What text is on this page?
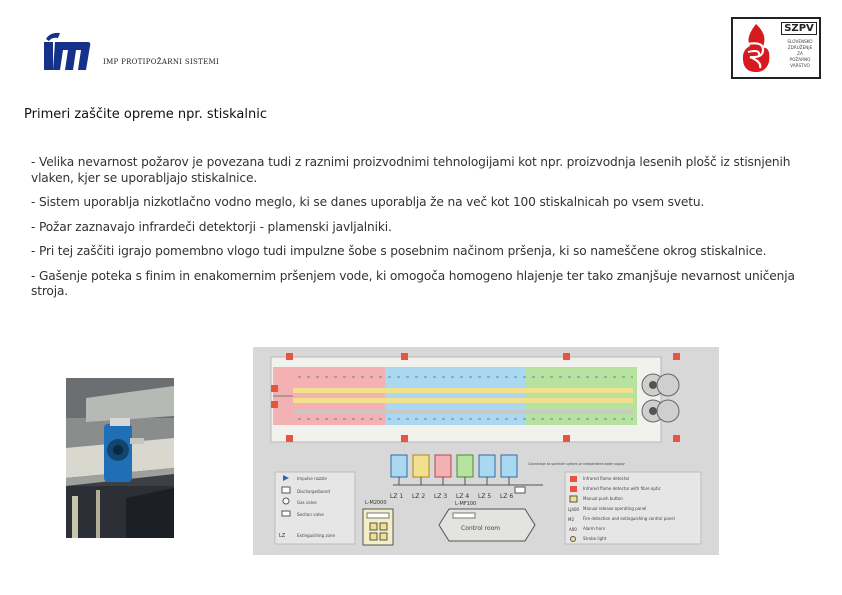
IMP PROTIPOŽARNI SISTEMI
SZPV
SLOVENSKO
ZDRUŽENJE
ZA
POŽARNO
VARSTVO
Primeri zaščite opreme npr. stiskalnic

- Velika nevarnost požarov je povezana tudi z raznimi proizvodnimi tehnologijami kot npr. proizvodnja lesenih plošč iz stisnjenih vlaken, kjer se uporabljajo stiskalnice.

- Sistem uporablja nizkotlačno vodno meglo, ki se danes uporablja že na več kot 100 stiskalnicah po vsem svetu.

- Požar zaznavajo infrardeči detektorji - plamenski javljalniki.

- Pri tej zaščiti igrajo pomembno vlogo tudi impulzne šobe s posebnim načinom pršenja, ki so nameščene okrog stiskalnice.

- Gašenje poteka s finim in enakomernim pršenjem vode, ki omogoča homogeno hlajenje ter tako zmanjšuje nevarnost uničenja stroja.

LZ 1 LZ 2 LZ 3 LZ 4 LZ 5 LZ 6
Connection to sprinkler system or independent water supply
L-M2000	L-MF100
Control room
LZ
Impulse nozzle
Discharge/board
Gas valve
Section valve
Extinguishing zone
LJ400
M2
A00
Infrared flame detector
Infrared flame detector with fibre optic
Manual push button
Manual release operating panel
Fire detection and extinguishing control panel
Alarm horn
Strobe light
